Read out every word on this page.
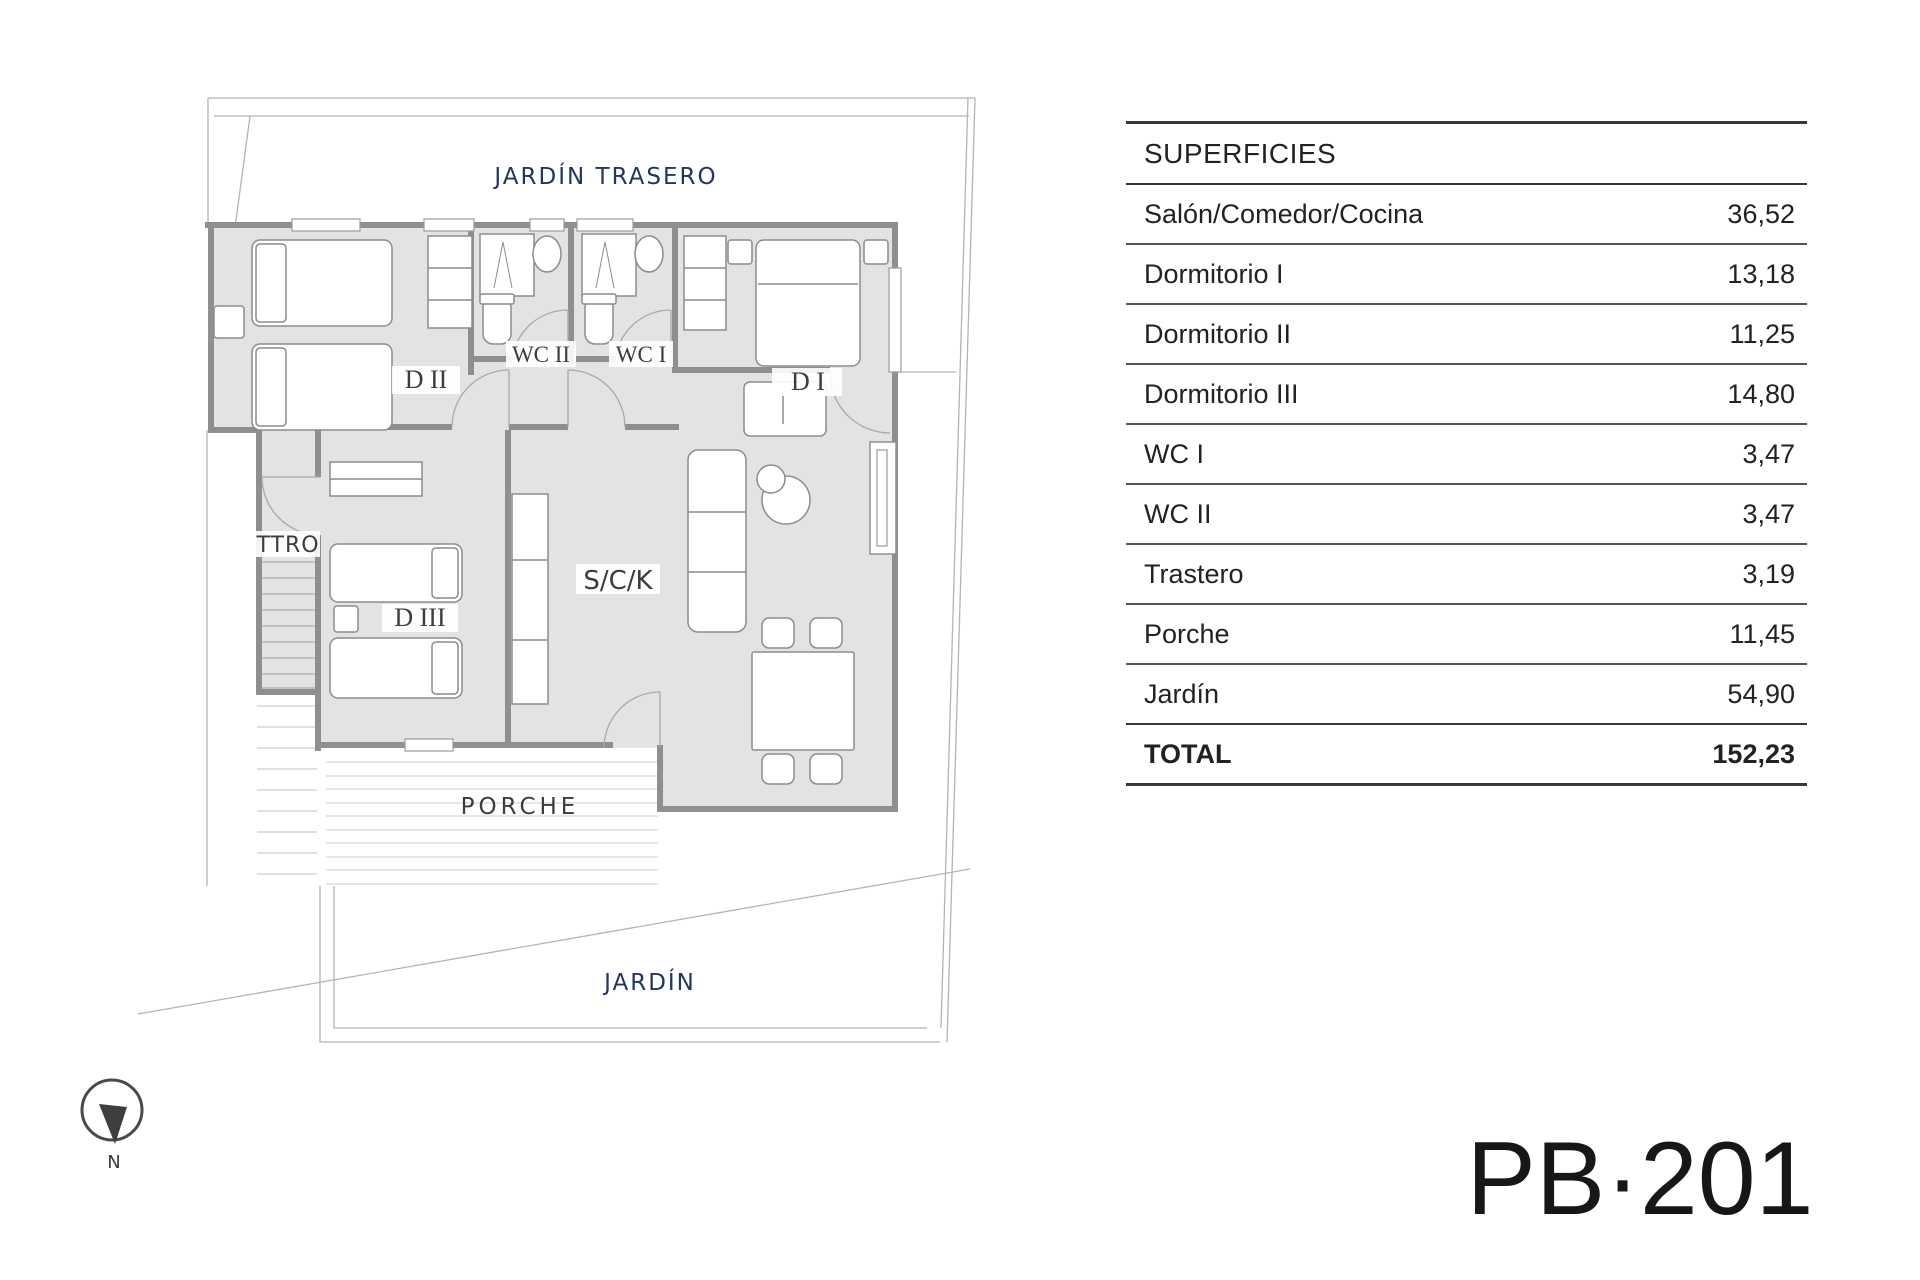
D II	D I
WC II WC I
D III
TTRO
S/C/K
PORCHE
JARDÍN TRASERO
JARDÍN
N
SUPERFICIES
Salón/Comedor/Cocina	36,52
Dormitorio I	13,18
Dormitorio II	11,25
Dormitorio III	14,80
WC I	3,47
WC II	3,47
Trastero	3,19
Porche	11,45
Jardín	54,90
TOTAL	152,23
PB·201
